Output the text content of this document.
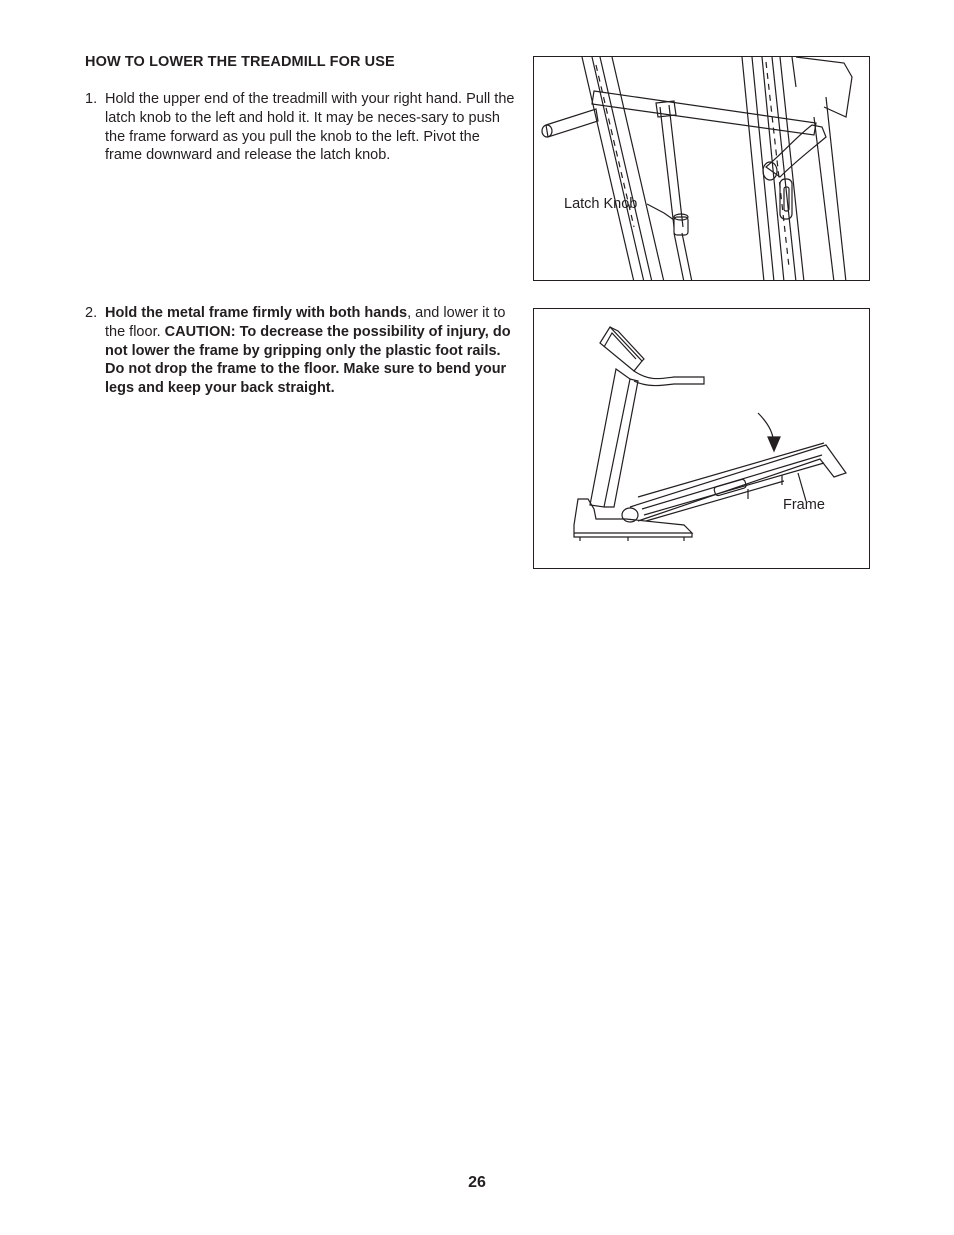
HOW TO LOWER THE TREADMILL FOR USE
1. Hold the upper end of the treadmill with your right hand. Pull the latch knob to the left and hold it. It may be neces-sary to push the frame forward as you pull the knob to the left. Pivot the frame downward and release the latch knob.
2. Hold the metal frame firmly with both hands, and lower it to the floor. CAUTION: To decrease the possibility of injury, do not lower the frame by gripping only the plastic foot rails. Do not drop the frame to the floor. Make sure to bend your legs and keep your back straight.
Latch Knob
Frame
26
